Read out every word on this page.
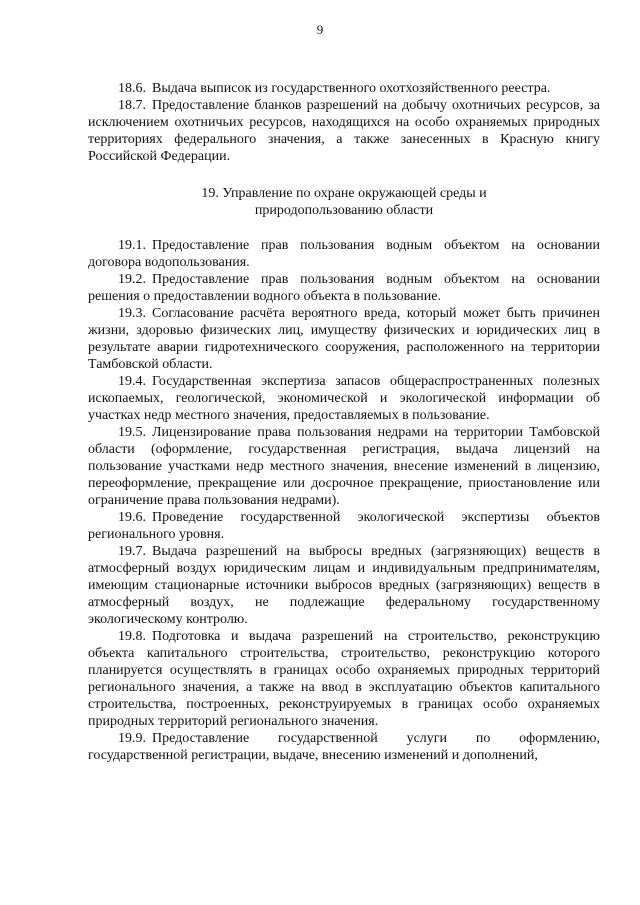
9

18.6. Выдача выписок из государственного охотхозяйственного реестра.

18.7. Предоставление бланков разрешений на добычу охотничьих ресурсов, за исключением охотничьих ресурсов, находящихся на особо охраняемых природных территориях федерального значения, а также занесенных в Красную книгу Российской Федерации.

19. Управление по охране окружающей среды и
природопользованию области

19.1. Предоставление прав пользования водным объектом на основании договора водопользования.

19.2. Предоставление прав пользования водным объектом на основании решения о предоставлении водного объекта в пользование.

19.3. Согласование расчёта вероятного вреда, который может быть причинен жизни, здоровью физических лиц, имуществу физических и юридических лиц в результате аварии гидротехнического сооружения, расположенного на территории Тамбовской области.

19.4. Государственная экспертиза запасов общераспространенных полезных ископаемых, геологической, экономической и экологической информации об участках недр местного значения, предоставляемых в пользование.

19.5. Лицензирование права пользования недрами на территории Тамбовской области (оформление, государственная регистрация, выдача лицензий на пользование участками недр местного значения, внесение изменений в лицензию, переоформление, прекращение или досрочное прекращение, приостановление или ограничение права пользования недрами).

19.6. Проведение государственной экологической экспертизы объектов регионального уровня.

19.7. Выдача разрешений на выбросы вредных (загрязняющих) веществ в атмосферный воздух юридическим лицам и индивидуальным предпринимателям, имеющим стационарные источники выбросов вредных (загрязняющих) веществ в атмосферный воздух, не подлежащие федеральному государственному экологическому контролю.

19.8. Подготовка и выдача разрешений на строительство, реконструкцию объекта капитального строительства, строительство, реконструкцию которого планируется осуществлять в границах особо охраняемых природных территорий регионального значения, а также на ввод в эксплуатацию объектов капитального строительства, построенных, реконструируемых в границах особо охраняемых природных территорий регионального значения.

19.9. Предоставление государственной услуги по оформлению, государственной регистрации, выдаче, внесению изменений и дополнений,
